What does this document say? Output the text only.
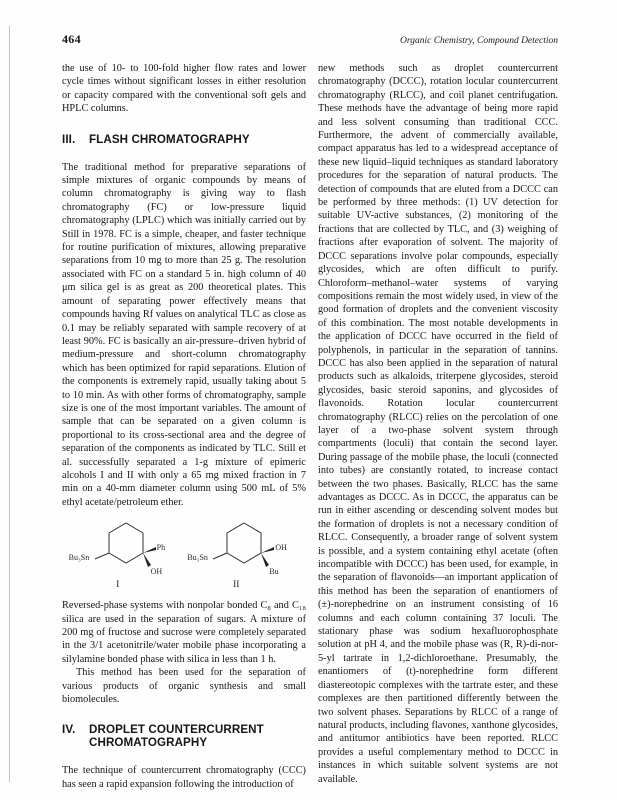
464	Organic Chemistry, Compound Detection

the use of 10- to 100-fold higher flow rates and lower cycle times without significant losses in either resolution or capacity compared with the conventional soft gels and HPLC columns.

III.	FLASH CHROMATOGRAPHY

The traditional method for preparative separations of simple mixtures of organic compounds by means of column chromatography is giving way to flash chromatography (FC) or low-pressure liquid chromatography (LPLC) which was initially carried out by Still in 1978. FC is a simple, cheaper, and faster technique for routine purification of mixtures, allowing preparative separations from 10 mg to more than 25 g. The resolution associated with FC on a standard 5 in. high column of 40 μm silica gel is as great as 200 theoretical plates. This amount of separating power effectively means that compounds having Rf values on analytical TLC as close as 0.1 may be reliably separated with sample recovery of at least 90%. FC is basically an air-pressure–driven hybrid of medium-pressure and short-column chromatography which has been optimized for rapid separations. Elution of the components is extremely rapid, usually taking about 5 to 10 min. As with other forms of chromatography, sample size is one of the most important variables. The amount of sample that can be separated on a given column is proportional to its cross-sectional area and the degree of separation of the components as indicated by TLC. Still et al. successfully separated a 1-g mixture of epimeric alcohols I and II with only a 65 mg mixed fraction in 7 min on a 40-mm diameter column using 500 mL of 5% ethyl acetate/petroleum ether.

Bu₃Sn
Ph
OH
I
Bu₃Sn
OH
Bu
II

Reversed-phase systems with nonpolar bonded C₈ and C₁₈ silica are used in the separation of sugars. A mixture of 200 mg of fructose and sucrose were completely separated in the 3/1 acetonitrile/water mobile phase incorporating a silylamine bonded phase with silica in less than 1 h.

This method has been used for the separation of various products of organic synthesis and small biomolecules.

IV.	DROPLET COUNTERCURRENT CHROMATOGRAPHY

The technique of countercurrent chromatography (CCC) has seen a rapid expansion following the introduction of

new methods such as droplet countercurrent chromatography (DCCC), rotation locular countercurrent chromatography (RLCC), and coil planet centrifugation. These methods have the advantage of being more rapid and less solvent consuming than traditional CCC. Furthermore, the advent of commercially available, compact apparatus has led to a widespread acceptance of these new liquid–liquid techniques as standard laboratory procedures for the separation of natural products. The detection of compounds that are eluted from a DCCC can be performed by three methods: (1) UV detection for suitable UV-active substances, (2) monitoring of the fractions that are collected by TLC, and (3) weighing of fractions after evaporation of solvent. The majority of DCCC separations involve polar compounds, especially glycosides, which are often difficult to purify. Chloroform–methanol–water systems of varying compositions remain the most widely used, in view of the good formation of droplets and the convenient viscosity of this combination. The most notable developments in the application of DCCC have occurred in the field of polyphenols, in particular in the separation of tannins. DCCC has also been applied in the separation of natural products such as alkaloids, triterpene glycosides, steroid glycosides, basic steroid saponins, and glycosides of flavonoids. Rotation locular countercurrent chromatography (RLCC) relies on the percolation of one layer of a two-phase solvent system through compartments (loculi) that contain the second layer. During passage of the mobile phase, the loculi (connected into tubes) are constantly rotated, to increase contact between the two phases. Basically, RLCC has the same advantages as DCCC. As in DCCC, the apparatus can be run in either ascending or descending solvent modes but the formation of droplets is not a necessary condition of RLCC. Consequently, a broader range of solvent system is possible, and a system containing ethyl acetate (often incompatible with DCCC) has been used, for example, in the separation of flavonoids—an important application of this method has been the separation of enantiomers of (±)-norephedrine on an instrument consisting of 16 columns and each column containing 37 loculi. The stationary phase was sodium hexafluorophosphate solution at pH 4, and the mobile phase was (R, R)-di-nor-5-yl tartrate in 1,2-dichloroethane. Presumably, the enantiomers of (t)-norephedrine form different diastereotopic complexes with the tartrate ester, and these complexes are then partitioned differently between the two solvent phases. Separations by RLCC of a range of natural products, including flavones, xanthone glycosides, and antitumor antibiotics have been reported. RLCC provides a useful complementary method to DCCC in instances in which suitable solvent systems are not available.
